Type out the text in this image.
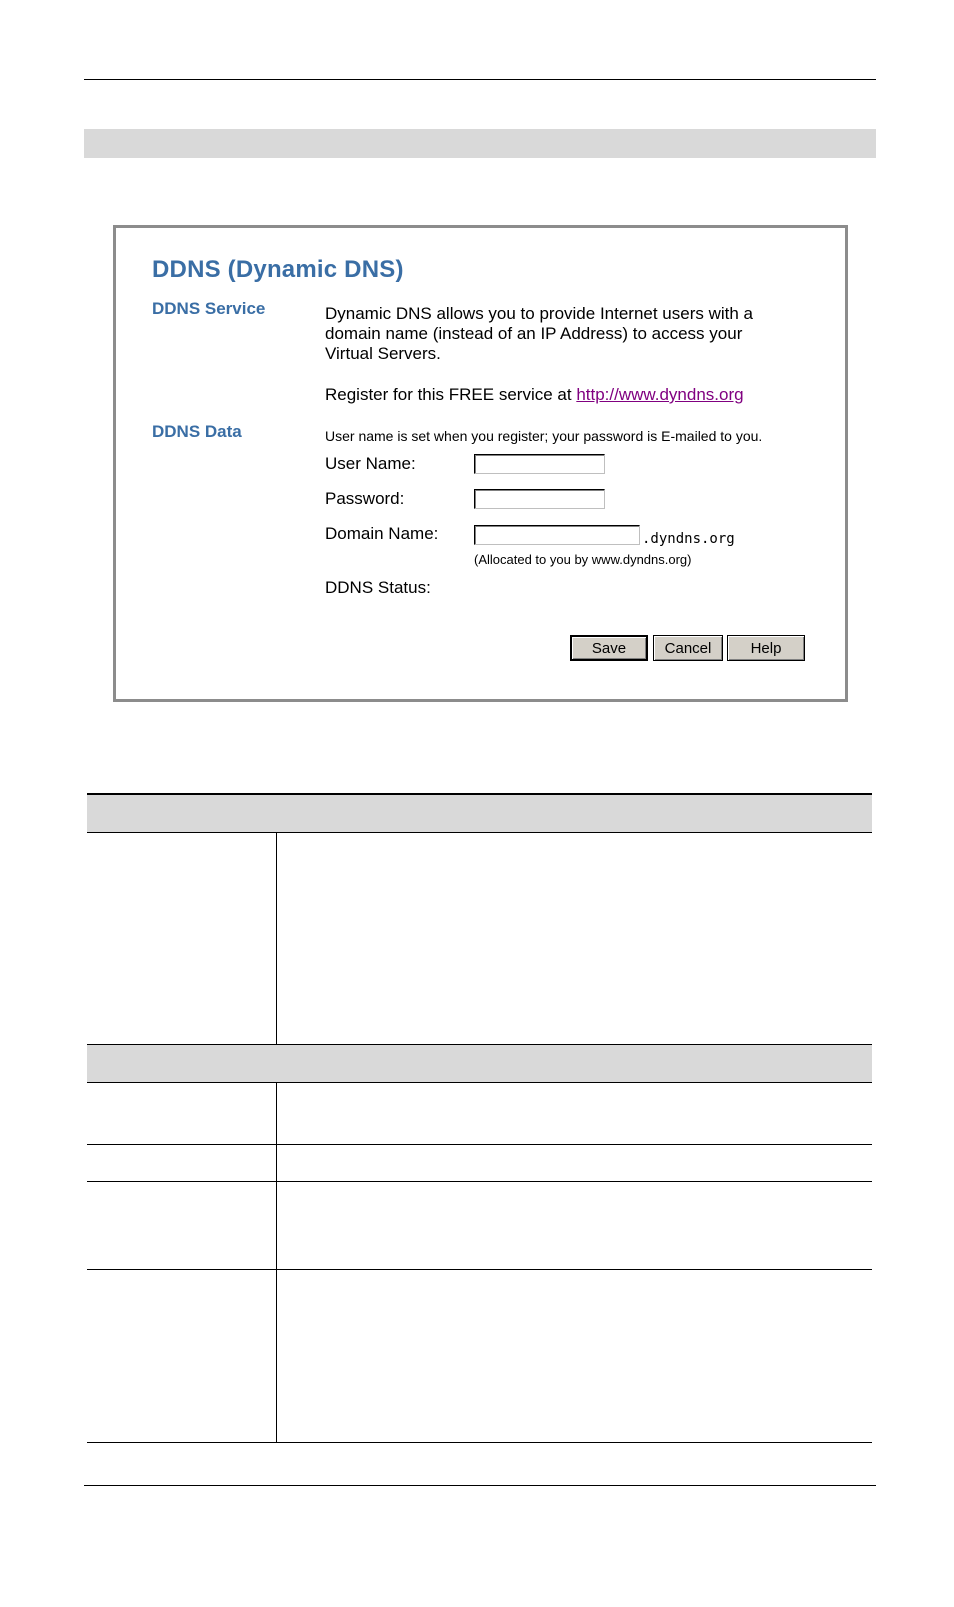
DDNS (Dynamic DNS)
DDNS Service	Dynamic DNS allows you to provide Internet users with a
domain name (instead of an IP Address) to access your
Virtual Servers.
Register for this FREE service at http://www.dyndns.org
DDNS Data	User name is set when you register; your password is E-mailed to you.
User Name:
Password:
Domain Name:	.dyndns.org
(Allocated to you by www.dyndns.org)
DDNS Status:
Save	Cancel	Help
